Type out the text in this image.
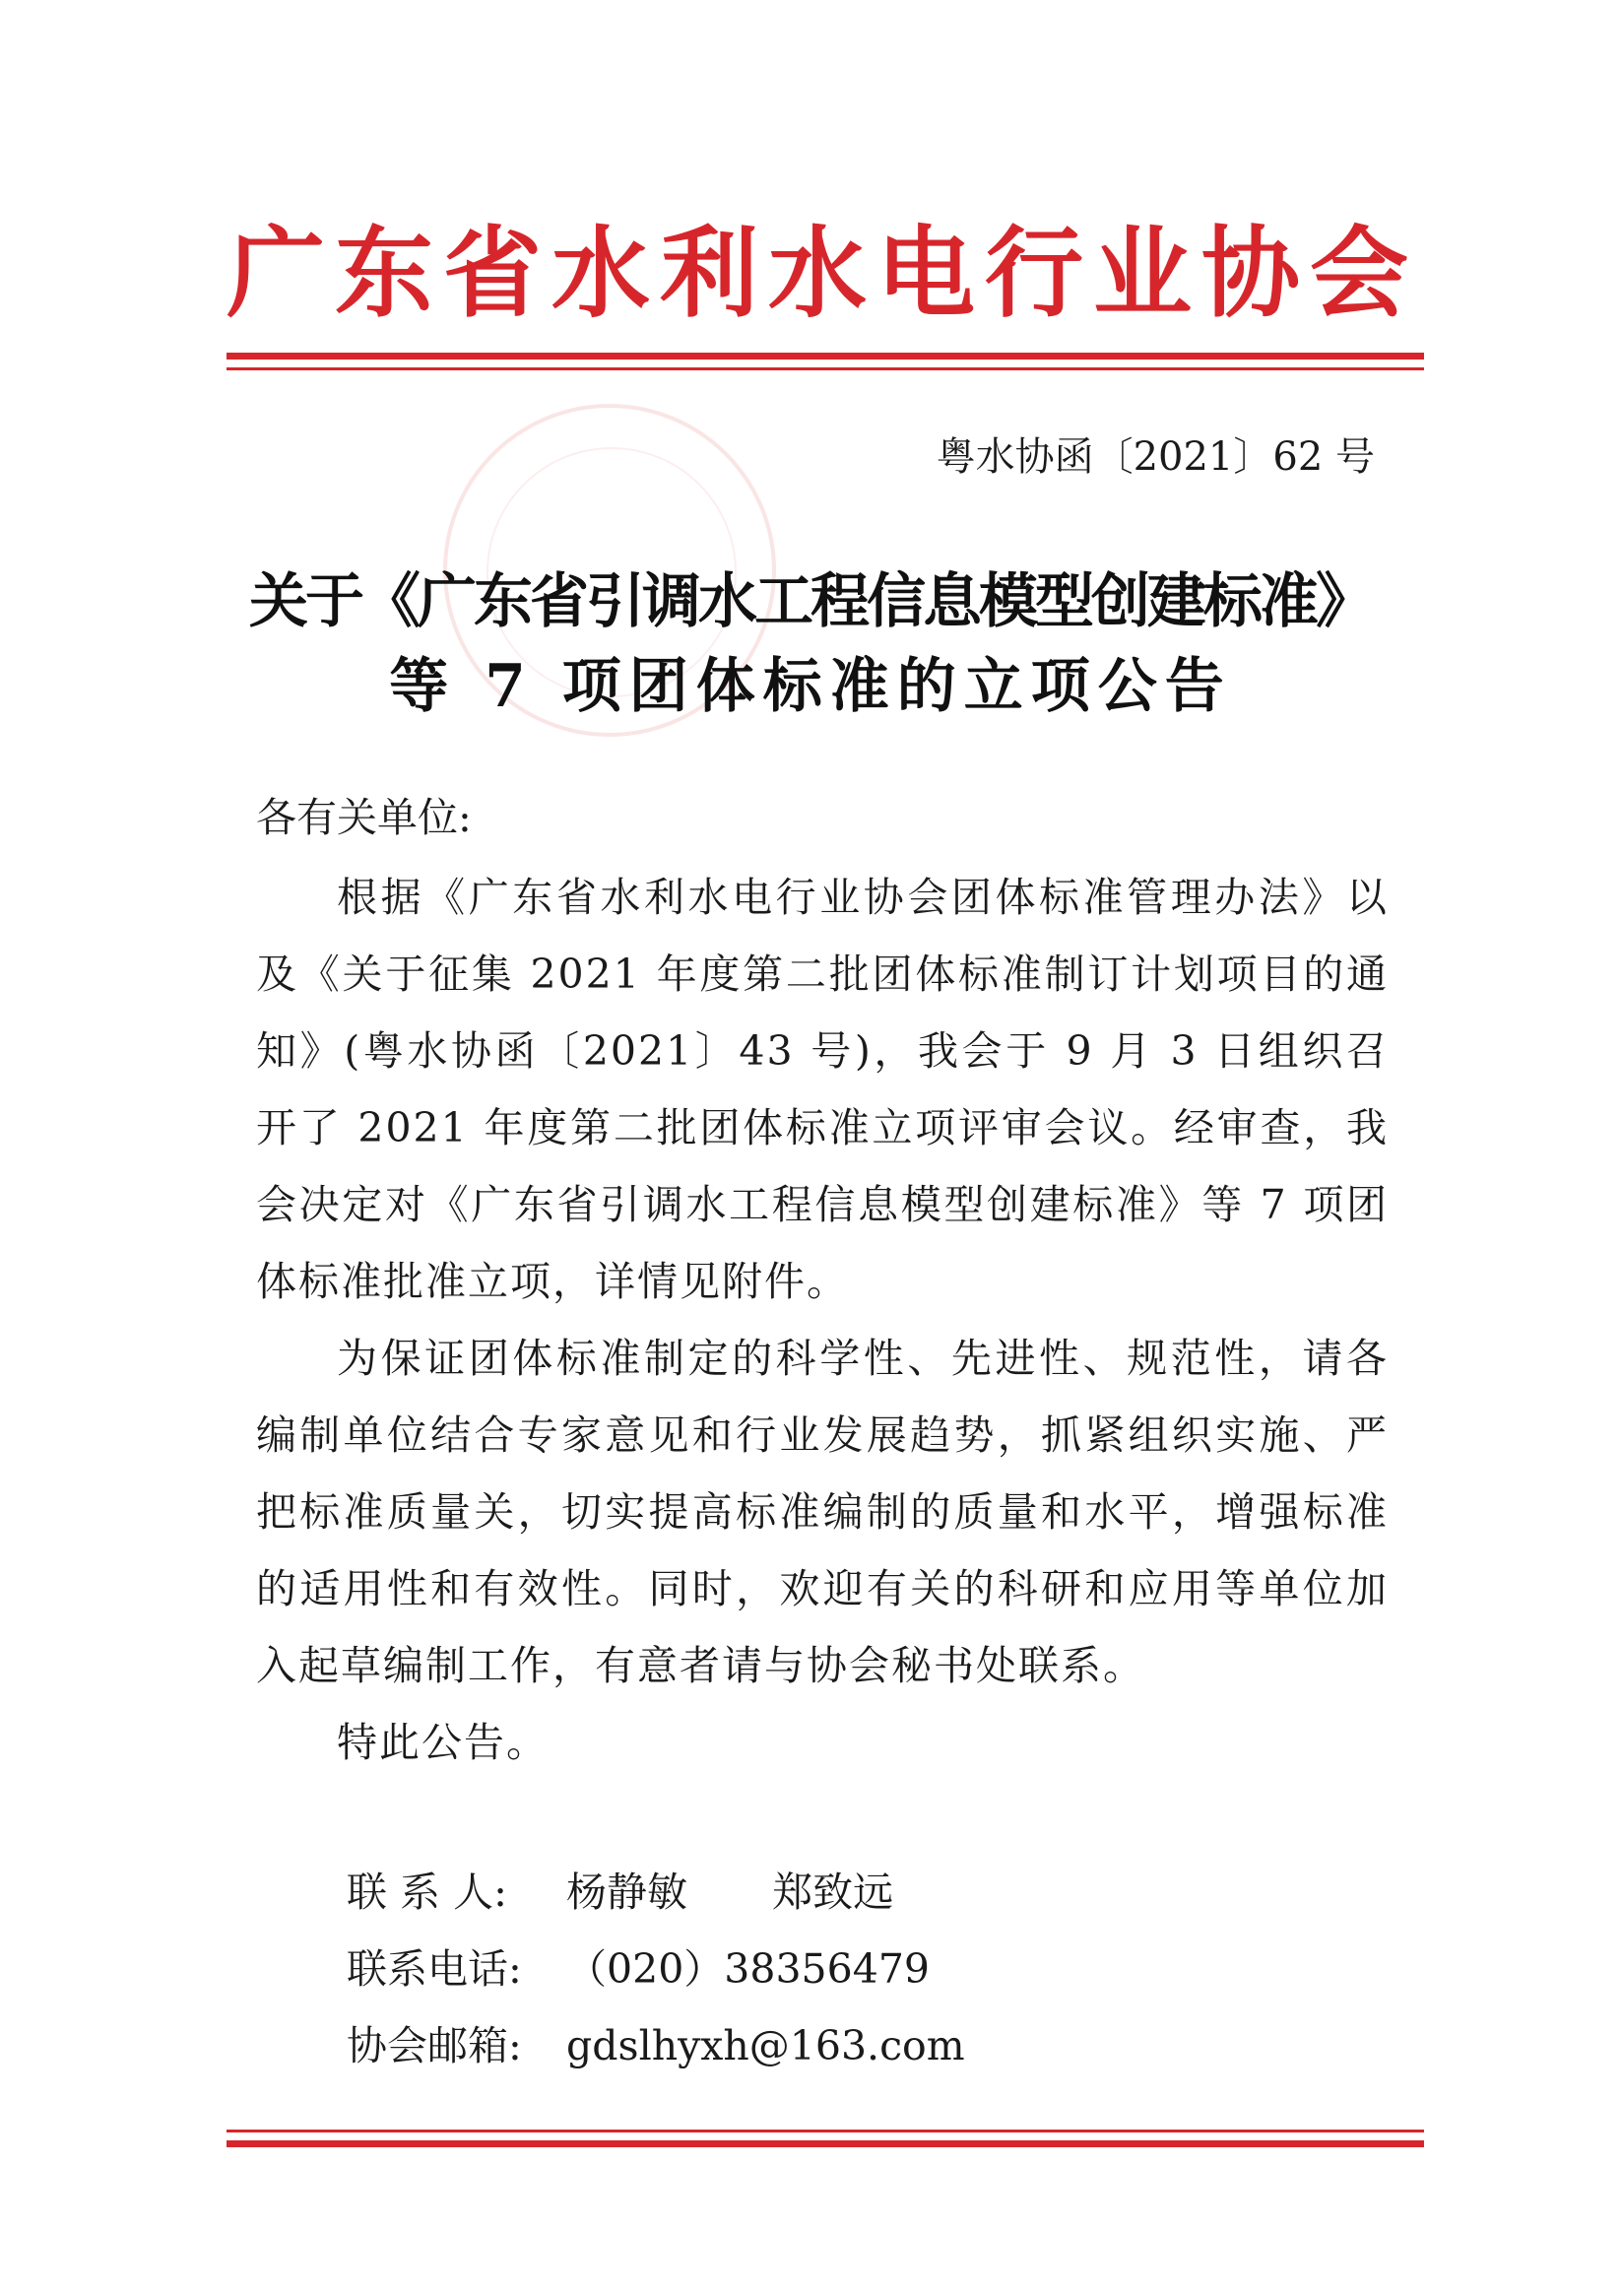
广东省水利水电行业协会
粤水协函〔2021〕62 号
关于《广东省引调水工程信息模型创建标准》
等 7 项团体标准的立项公告
各有关单位:

根据《广东省水利水电行业协会团体标准管理办法》以及《关于征集 2021 年度第二批团体标准制订计划项目的通知》(粤水协函〔2021〕43 号)，我会于 9 月 3 日组织召开了 2021 年度第二批团体标准立项评审会议。经审查，我会决定对《广东省引调水工程信息模型创建标准》等 7 项团体标准批准立项，详情见附件。

为保证团体标准制定的科学性、先进性、规范性，请各编制单位结合专家意见和行业发展趋势，抓紧组织实施、严把标准质量关，切实提高标准编制的质量和水平，增强标准的适用性和有效性。同时，欢迎有关的科研和应用等单位加入起草编制工作，有意者请与协会秘书处联系。

特此公告。

联 系 人: 杨静敏 郑致远
联系电话: （020）38356479
协会邮箱: gdslhyxh@163.com
